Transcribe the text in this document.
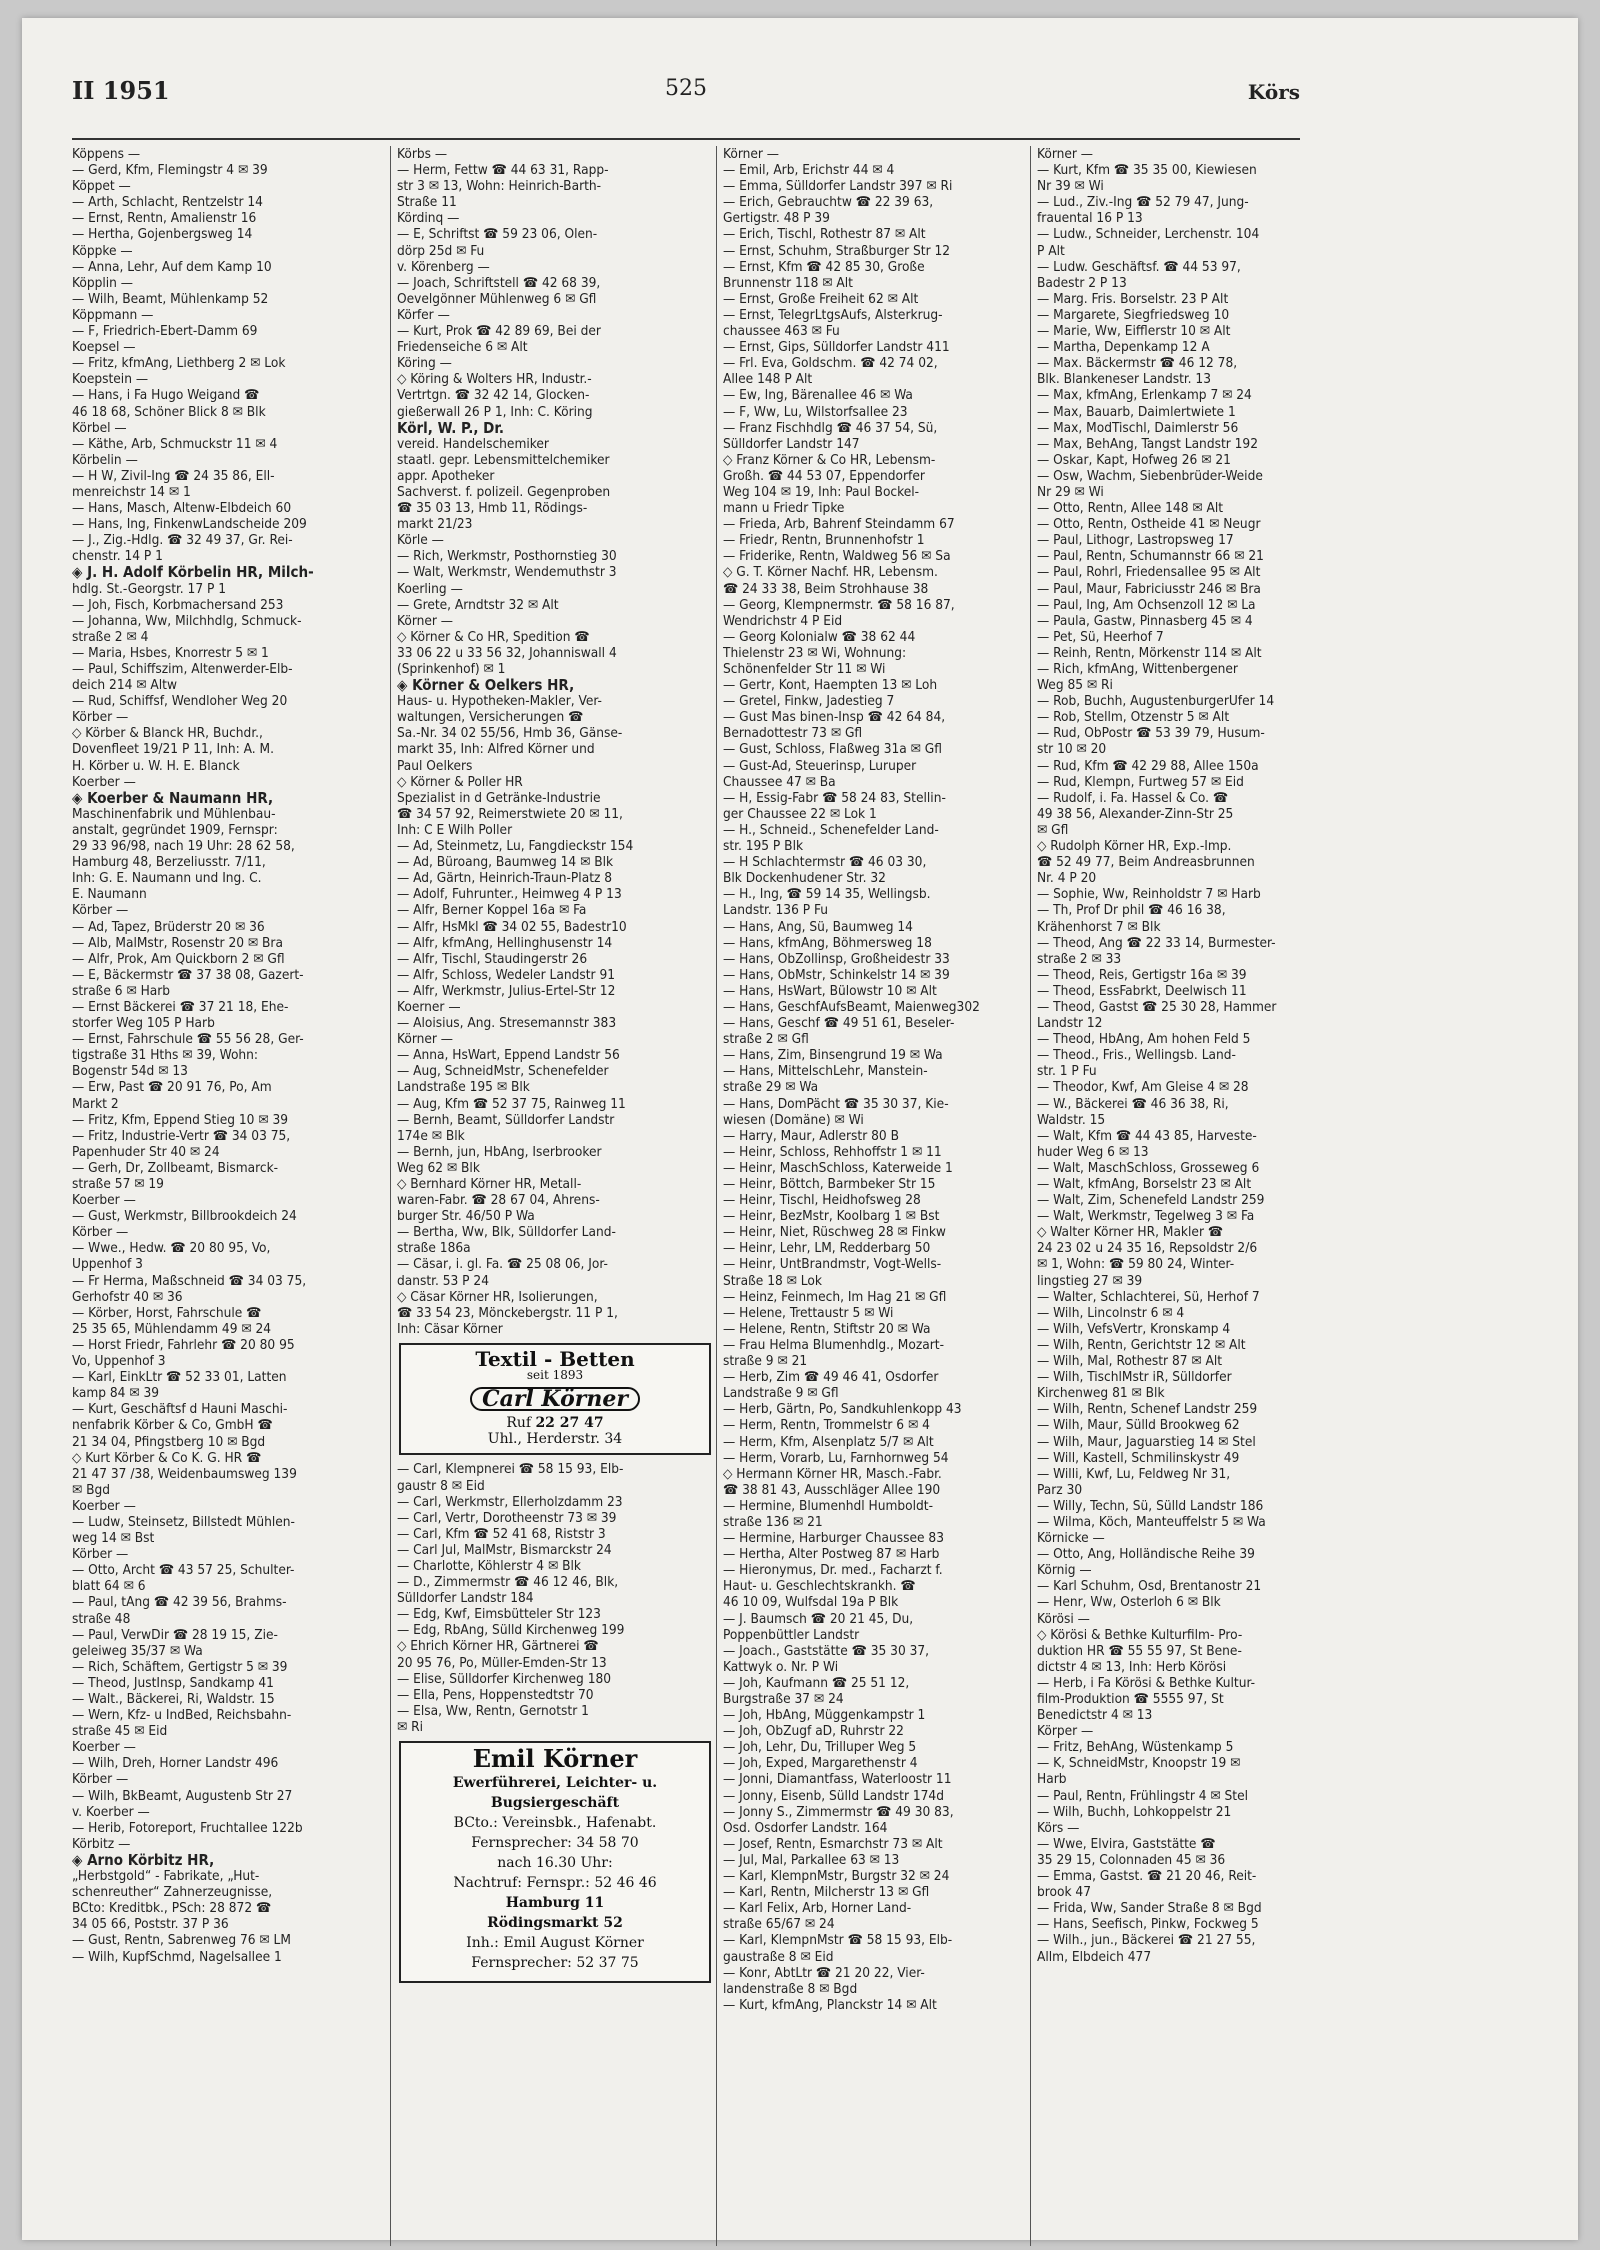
II 1951	525	Körs
Köppens —
— Gerd, Kfm, Flemingstr 4 ✉ 39
Köppet —
— Arth, Schlacht, Rentzelstr 14
— Ernst, Rentn, Amalienstr 16
— Hertha, Gojenbergsweg 14
Köppke —
— Anna, Lehr, Auf dem Kamp 10
Köpplin —
— Wilh, Beamt, Mühlenkamp 52
Köppmann —
— F, Friedrich-Ebert-Damm 69
Koepsel —
— Fritz, kfmAng, Liethberg 2 ✉ Lok
Koepstein —
— Hans, i Fa Hugo Weigand ☎
46 18 68, Schöner Blick 8 ✉ Blk
Körbel —
— Käthe, Arb, Schmuckstr 11 ✉ 4
Körbelin —
— H W, Zivil-Ing ☎ 24 35 86, Ell-
menreichstr 14 ✉ 1
— Hans, Masch, Altenw-Elbdeich 60
— Hans, Ing, FinkenwLandscheide 209
— J., Zig.-Hdlg. ☎ 32 49 37, Gr. Rei-
chenstr. 14 P 1
◈ J. H. Adolf Körbelin HR, Milch-
hdlg. St.-Georgstr. 17 P 1
— Joh, Fisch, Korbmachersand 253
— Johanna, Ww, Milchhdlg, Schmuck-
straße 2 ✉ 4
— Maria, Hsbes, Knorrestr 5 ✉ 1
— Paul, Schiffszim, Altenwerder-Elb-
deich 214 ✉ Altw
— Rud, Schiffsf, Wendloher Weg 20
Körber —
◇ Körber & Blanck HR, Buchdr.,
Dovenfleet 19/21 P 11, Inh: A. M.
H. Körber u. W. H. E. Blanck
Koerber —
◈ Koerber & Naumann HR,
Maschinenfabrik und Mühlenbau-
anstalt, gegründet 1909, Fernspr:
29 33 96/98, nach 19 Uhr: 28 62 58,
Hamburg 48, Berzeliusstr. 7/11,
Inh: G. E. Naumann und Ing. C.
E. Naumann
Körber —
— Ad, Tapez, Brüderstr 20 ✉ 36
— Alb, MalMstr, Rosenstr 20 ✉ Bra
— Alfr, Prok, Am Quickborn 2 ✉ Gfl
— E, Bäckermstr ☎ 37 38 08, Gazert-
straße 6 ✉ Harb
— Ernst Bäckerei ☎ 37 21 18, Ehe-
storfer Weg 105 P Harb
— Ernst, Fahrschule ☎ 55 56 28, Ger-
tigstraße 31 Hths ✉ 39, Wohn:
Bogenstr 54d ✉ 13
— Erw, Past ☎ 20 91 76, Po, Am
Markt 2
— Fritz, Kfm, Eppend Stieg 10 ✉ 39
— Fritz, Industrie-Vertr ☎ 34 03 75,
Papenhuder Str 40 ✉ 24
— Gerh, Dr, Zollbeamt, Bismarck-
straße 57 ✉ 19
Koerber —
— Gust, Werkmstr, Billbrookdeich 24
Körber —
— Wwe., Hedw. ☎ 20 80 95, Vo,
Uppenhof 3
— Fr Herma, Maßschneid ☎ 34 03 75,
Gerhofstr 40 ✉ 36
— Körber, Horst, Fahrschule ☎
25 35 65, Mühlendamm 49 ✉ 24
— Horst Friedr, Fahrlehr ☎ 20 80 95
Vo, Uppenhof 3
— Karl, EinkLtr ☎ 52 33 01, Latten
kamp 84 ✉ 39
— Kurt, Geschäftsf d Hauni Maschi-
nenfabrik Körber & Co, GmbH ☎
21 34 04, Pfingstberg 10 ✉ Bgd
◇ Kurt Körber & Co K. G. HR ☎
21 47 37 /38, Weidenbaumsweg 139
✉ Bgd
Koerber —
— Ludw, Steinsetz, Billstedt Mühlen-
weg 14 ✉ Bst
Körber —
— Otto, Archt ☎ 43 57 25, Schulter-
blatt 64 ✉ 6
— Paul, tAng ☎ 42 39 56, Brahms-
straße 48
— Paul, VerwDir ☎ 28 19 15, Zie-
geleiweg 35/37 ✉ Wa
— Rich, Schäftem, Gertigstr 5 ✉ 39
— Theod, JustInsp, Sandkamp 41
— Walt., Bäckerei, Ri, Waldstr. 15
— Wern, Kfz- u IndBed, Reichsbahn-
straße 45 ✉ Eid
Koerber —
— Wilh, Dreh, Horner Landstr 496
Körber —
— Wilh, BkBeamt, Augustenb Str 27
v. Koerber —
— Herib, Fotoreport, Fruchtallee 122b
Körbitz —
◈ Arno Körbitz HR,
„Herbstgold“ - Fabrikate, „Hut-
schenreuther“ Zahnerzeugnisse,
BCto: Kreditbk., PSch: 28 872 ☎
34 05 66, Poststr. 37 P 36
— Gust, Rentn, Sabrenweg 76 ✉ LM
— Wilh, KupfSchmd, Nagelsallee 1
Körbs —
— Herm, Fettw ☎ 44 63 31, Rapp-
str 3 ✉ 13, Wohn: Heinrich-Barth-
Straße 11
Kördinq —
— E, Schriftst ☎ 59 23 06, Olen-
dörp 25d ✉ Fu
v. Körenberg —
— Joach, Schriftstell ☎ 42 68 39,
Oevelgönner Mühlenweg 6 ✉ Gfl
Körfer —
— Kurt, Prok ☎ 42 89 69, Bei der
Friedenseiche 6 ✉ Alt
Köring —
◇ Köring & Wolters HR, Industr.-
Vertrtgn. ☎ 32 42 14, Glocken-
gießerwall 26 P 1, Inh: C. Köring
Körl, W. P., Dr.
vereid. Handelschemiker
staatl. gepr. Lebensmittelchemiker
appr. Apotheker
Sachverst. f. polizeil. Gegenproben
☎ 35 03 13, Hmb 11, Rödings-
markt 21/23
Körle —
— Rich, Werkmstr, Posthornstieg 30
— Walt, Werkmstr, Wendemuthstr 3
Koerling —
— Grete, Arndtstr 32 ✉ Alt
Körner —
◇ Körner & Co HR, Spedition ☎
33 06 22 u 33 56 32, Johanniswall 4
(Sprinkenhof) ✉ 1
◈ Körner & Oelkers HR,
Haus- u. Hypotheken-Makler, Ver-
waltungen, Versicherungen ☎
Sa.-Nr. 34 02 55/56, Hmb 36, Gänse-
markt 35, Inh: Alfred Körner und
Paul Oelkers
◇ Körner & Poller HR
Spezialist in d Getränke-Industrie
☎ 34 57 92, Reimerstwiete 20 ✉ 11,
Inh: C E Wilh Poller
— Ad, Steinmetz, Lu, Fangdieckstr 154
— Ad, Büroang, Baumweg 14 ✉ Blk
— Ad, Gärtn, Heinrich-Traun-Platz 8
— Adolf, Fuhrunter., Heimweg 4 P 13
— Alfr, Berner Koppel 16a ✉ Fa
— Alfr, HsMkl ☎ 34 02 55, Badestr10
— Alfr, kfmAng, Hellinghusenstr 14
— Alfr, Tischl, Staudingerstr 26
— Alfr, Schloss, Wedeler Landstr 91
— Alfr, Werkmstr, Julius-Ertel-Str 12
Koerner —
— Aloisius, Ang. Stresemannstr 383
Körner —
— Anna, HsWart, Eppend Landstr 56
— Aug, SchneidMstr, Schenefelder
Landstraße 195 ✉ Blk
— Aug, Kfm ☎ 52 37 75, Rainweg 11
— Bernh, Beamt, Sülldorfer Landstr
174e ✉ Blk
— Bernh, jun, HbAng, Iserbrooker
Weg 62 ✉ Blk
◇ Bernhard Körner HR, Metall-
waren-Fabr. ☎ 28 67 04, Ahrens-
burger Str. 46/50 P Wa
— Bertha, Ww, Blk, Sülldorfer Land-
straße 186a
— Cäsar, i. gl. Fa. ☎ 25 08 06, Jor-
danstr. 53 P 24
◇ Cäsar Körner HR, Isolierungen,
☎ 33 54 23, Mönckebergstr. 11 P 1,
Inh: Cäsar Körner
Textil - Betten
seit 1893
Carl Körner
Ruf 22 27 47
Uhl., Herderstr. 34
— Carl, Klempnerei ☎ 58 15 93, Elb-
gaustr 8 ✉ Eid
— Carl, Werkmstr, Ellerholzdamm 23
— Carl, Vertr, Dorotheenstr 73 ✉ 39
— Carl, Kfm ☎ 52 41 68, Riststr 3
— Carl Jul, MalMstr, Bismarckstr 24
— Charlotte, Köhlerstr 4 ✉ Blk
— D., Zimmermstr ☎ 46 12 46, Blk,
Sülldorfer Landstr 184
— Edg, Kwf, Eimsbütteler Str 123
— Edg, RbAng, Sülld Kirchenweg 199
◇ Ehrich Körner HR, Gärtnerei ☎
20 95 76, Po, Müller-Emden-Str 13
— Elise, Sülldorfer Kirchenweg 180
— Ella, Pens, Hoppenstedtstr 70
— Elsa, Ww, Rentn, Gernotstr 1
✉ Ri
Emil Körner
Ewerführerei, Leichter- u.
Bugsiergeschäft
BCto.: Vereinsbk., Hafenabt.
Fernsprecher: 34 58 70
nach 16.30 Uhr:
Nachtruf: Fernspr.: 52 46 46
Hamburg 11
Rödingsmarkt 52
Inh.: Emil August Körner
Fernsprecher: 52 37 75
Körner —
— Emil, Arb, Erichstr 44 ✉ 4
— Emma, Sülldorfer Landstr 397 ✉ Ri
— Erich, Gebrauchtw ☎ 22 39 63,
Gertigstr. 48 P 39
— Erich, Tischl, Rothestr 87 ✉ Alt
— Ernst, Schuhm, Straßburger Str 12
— Ernst, Kfm ☎ 42 85 30, Große
Brunnenstr 118 ✉ Alt
— Ernst, Große Freiheit 62 ✉ Alt
— Ernst, TelegrLtgsAufs, Alsterkrug-
chaussee 463 ✉ Fu
— Ernst, Gips, Sülldorfer Landstr 411
— Frl. Eva, Goldschm. ☎ 42 74 02,
Allee 148 P Alt
— Ew, Ing, Bärenallee 46 ✉ Wa
— F, Ww, Lu, Wilstorfsallee 23
— Franz Fischhdlg ☎ 46 37 54, Sü,
Sülldorfer Landstr 147
◇ Franz Körner & Co HR, Lebensm-
Großh. ☎ 44 53 07, Eppendorfer
Weg 104 ✉ 19, Inh: Paul Bockel-
mann u Friedr Tipke
— Frieda, Arb, Bahrenf Steindamm 67
— Friedr, Rentn, Brunnenhofstr 1
— Friderike, Rentn, Waldweg 56 ✉ Sa
◇ G. T. Körner Nachf. HR, Lebensm.
☎ 24 33 38, Beim Strohhause 38
— Georg, Klempnermstr. ☎ 58 16 87,
Wendrichstr 4 P Eid
— Georg Kolonialw ☎ 38 62 44
Thielenstr 23 ✉ Wi, Wohnung:
Schönenfelder Str 11 ✉ Wi
— Gertr, Kont, Haempten 13 ✉ Loh
— Gretel, Finkw, Jadestieg 7
— Gust Mas binen-Insp ☎ 42 64 84,
Bernadottestr 73 ✉ Gfl
— Gust, Schloss, Flaßweg 31a ✉ Gfl
— Gust-Ad, Steuerinsp, Luruper
Chaussee 47 ✉ Ba
— H, Essig-Fabr ☎ 58 24 83, Stellin-
ger Chaussee 22 ✉ Lok 1
— H., Schneid., Schenefelder Land-
str. 195 P Blk
— H Schlachtermstr ☎ 46 03 30,
Blk Dockenhudener Str. 32
— H., Ing, ☎ 59 14 35, Wellingsb.
Landstr. 136 P Fu
— Hans, Ang, Sü, Baumweg 14
— Hans, kfmAng, Böhmersweg 18
— Hans, ObZollinsp, Großheidestr 33
— Hans, ObMstr, Schinkelstr 14 ✉ 39
— Hans, HsWart, Bülowstr 10 ✉ Alt
— Hans, GeschfAufsBeamt, Maienweg302
— Hans, Geschf ☎ 49 51 61, Beseler-
straße 2 ✉ Gfl
— Hans, Zim, Binsengrund 19 ✉ Wa
— Hans, MittelschLehr, Manstein-
straße 29 ✉ Wa
— Hans, DomPächt ☎ 35 30 37, Kie-
wiesen (Domäne) ✉ Wi
— Harry, Maur, Adlerstr 80 B
— Heinr, Schloss, Rehhoffstr 1 ✉ 11
— Heinr, MaschSchloss, Katerweide 1
— Heinr, Böttch, Barmbeker Str 15
— Heinr, Tischl, Heidhofsweg 28
— Heinr, BezMstr, Koolbarg 1 ✉ Bst
— Heinr, Niet, Rüschweg 28 ✉ Finkw
— Heinr, Lehr, LM, Redderbarg 50
— Heinr, UntBrandmstr, Vogt-Wells-
Straße 18 ✉ Lok
— Heinz, Feinmech, Im Hag 21 ✉ Gfl
— Helene, Trettaustr 5 ✉ Wi
— Helene, Rentn, Stiftstr 20 ✉ Wa
— Frau Helma Blumenhdlg., Mozart-
straße 9 ✉ 21
— Herb, Zim ☎ 49 46 41, Osdorfer
Landstraße 9 ✉ Gfl
— Herb, Gärtn, Po, Sandkuhlenkopp 43
— Herm, Rentn, Trommelstr 6 ✉ 4
— Herm, Kfm, Alsenplatz 5/7 ✉ Alt
— Herm, Vorarb, Lu, Farnhornweg 54
◇ Hermann Körner HR, Masch.-Fabr.
☎ 38 81 43, Ausschläger Allee 190
— Hermine, Blumenhdl Humboldt-
straße 136 ✉ 21
— Hermine, Harburger Chaussee 83
— Hertha, Alter Postweg 87 ✉ Harb
— Hieronymus, Dr. med., Facharzt f.
Haut- u. Geschlechtskrankh. ☎
46 10 09, Wulfsdal 19a P Blk
— J. Baumsch ☎ 20 21 45, Du,
Poppenbüttler Landstr
— Joach., Gaststätte ☎ 35 30 37,
Kattwyk o. Nr. P Wi
— Joh, Kaufmann ☎ 25 51 12,
Burgstraße 37 ✉ 24
— Joh, HbAng, Müggenkampstr 1
— Joh, ObZugf aD, Ruhrstr 22
— Joh, Lehr, Du, Trilluper Weg 5
— Joh, Exped, Margarethenstr 4
— Jonni, Diamantfass, Waterloostr 11
— Jonny, Eisenb, Sülld Landstr 174d
— Jonny S., Zimmermstr ☎ 49 30 83,
Osd. Osdorfer Landstr. 164
— Josef, Rentn, Esmarchstr 73 ✉ Alt
— Jul, Mal, Parkallee 63 ✉ 13
— Karl, KlempnMstr, Burgstr 32 ✉ 24
— Karl, Rentn, Milcherstr 13 ✉ Gfl
— Karl Felix, Arb, Horner Land-
straße 65/67 ✉ 24
— Karl, KlempnMstr ☎ 58 15 93, Elb-
gaustraße 8 ✉ Eid
— Konr, AbtLtr ☎ 21 20 22, Vier-
landenstraße 8 ✉ Bgd
— Kurt, kfmAng, Planckstr 14 ✉ Alt
Körner —
— Kurt, Kfm ☎ 35 35 00, Kiewiesen
Nr 39 ✉ Wi
— Lud., Ziv.-Ing ☎ 52 79 47, Jung-
frauental 16 P 13
— Ludw., Schneider, Lerchenstr. 104
P Alt
— Ludw. Geschäftsf. ☎ 44 53 97,
Badestr 2 P 13
— Marg. Fris. Borselstr. 23 P Alt
— Margarete, Siegfriedsweg 10
— Marie, Ww, Eifflerstr 10 ✉ Alt
— Martha, Depenkamp 12 A
— Max. Bäckermstr ☎ 46 12 78,
Blk. Blankeneser Landstr. 13
— Max, kfmAng, Erlenkamp 7 ✉ 24
— Max, Bauarb, Daimlertwiete 1
— Max, ModTischl, Daimlerstr 56
— Max, BehAng, Tangst Landstr 192
— Oskar, Kapt, Hofweg 26 ✉ 21
— Osw, Wachm, Siebenbrüder-Weide
Nr 29 ✉ Wi
— Otto, Rentn, Allee 148 ✉ Alt
— Otto, Rentn, Ostheide 41 ✉ Neugr
— Paul, Lithogr, Lastropsweg 17
— Paul, Rentn, Schumannstr 66 ✉ 21
— Paul, Rohrl, Friedensallee 95 ✉ Alt
— Paul, Maur, Fabriciusstr 246 ✉ Bra
— Paul, Ing, Am Ochsenzoll 12 ✉ La
— Paula, Gastw, Pinnasberg 45 ✉ 4
— Pet, Sü, Heerhof 7
— Reinh, Rentn, Mörkenstr 114 ✉ Alt
— Rich, kfmAng, Wittenbergener
Weg 85 ✉ Ri
— Rob, Buchh, AugustenburgerUfer 14
— Rob, Stellm, Otzenstr 5 ✉ Alt
— Rud, ObPostr ☎ 53 39 79, Husum-
str 10 ✉ 20
— Rud, Kfm ☎ 42 29 88, Allee 150a
— Rud, Klempn, Furtweg 57 ✉ Eid
— Rudolf, i. Fa. Hassel & Co. ☎
49 38 56, Alexander-Zinn-Str 25
✉ Gfl
◇ Rudolph Körner HR, Exp.-Imp.
☎ 52 49 77, Beim Andreasbrunnen
Nr. 4 P 20
— Sophie, Ww, Reinholdstr 7 ✉ Harb
— Th, Prof Dr phil ☎ 46 16 38,
Krähenhorst 7 ✉ Blk
— Theod, Ang ☎ 22 33 14, Burmester-
straße 2 ✉ 33
— Theod, Reis, Gertigstr 16a ✉ 39
— Theod, EssFabrkt, Deelwisch 11
— Theod, Gastst ☎ 25 30 28, Hammer
Landstr 12
— Theod, HbAng, Am hohen Feld 5
— Theod., Fris., Wellingsb. Land-
str. 1 P Fu
— Theodor, Kwf, Am Gleise 4 ✉ 28
— W., Bäckerei ☎ 46 36 38, Ri,
Waldstr. 15
— Walt, Kfm ☎ 44 43 85, Harveste-
huder Weg 6 ✉ 13
— Walt, MaschSchloss, Grosseweg 6
— Walt, kfmAng, Borselstr 23 ✉ Alt
— Walt, Zim, Schenefeld Landstr 259
— Walt, Werkmstr, Tegelweg 3 ✉ Fa
◇ Walter Körner HR, Makler ☎
24 23 02 u 24 35 16, Repsoldstr 2/6
✉ 1, Wohn: ☎ 59 80 24, Winter-
lingstieg 27 ✉ 39
— Walter, Schlachterei, Sü, Herhof 7
— Wilh, Lincolnstr 6 ✉ 4
— Wilh, VefsVertr, Kronskamp 4
— Wilh, Rentn, Gerichtstr 12 ✉ Alt
— Wilh, Mal, Rothestr 87 ✉ Alt
— Wilh, TischlMstr iR, Sülldorfer
Kirchenweg 81 ✉ Blk
— Wilh, Rentn, Schenef Landstr 259
— Wilh, Maur, Sülld Brookweg 62
— Wilh, Maur, Jaguarstieg 14 ✉ Stel
— Will, Kastell, Schmilinskystr 49
— Willi, Kwf, Lu, Feldweg Nr 31,
Parz 30
— Willy, Techn, Sü, Sülld Landstr 186
— Wilma, Köch, Manteuffelstr 5 ✉ Wa
Körnicke —
— Otto, Ang, Holländische Reihe 39
Körnig —
— Karl Schuhm, Osd, Brentanostr 21
— Henr, Ww, Osterloh 6 ✉ Blk
Körösi —
◇ Körösi & Bethke Kulturfilm- Pro-
duktion HR ☎ 55 55 97, St Bene-
dictstr 4 ✉ 13, Inh: Herb Körösi
— Herb, i Fa Körösi & Bethke Kultur-
film-Produktion ☎ 5555 97, St
Benedictstr 4 ✉ 13
Körper —
— Fritz, BehAng, Wüstenkamp 5
— K, SchneidMstr, Knoopstr 19 ✉
Harb
— Paul, Rentn, Frühlingstr 4 ✉ Stel
— Wilh, Buchh, Lohkoppelstr 21
Körs —
— Wwe, Elvira, Gaststätte ☎
35 29 15, Colonnaden 45 ✉ 36
— Emma, Gastst. ☎ 21 20 46, Reit-
brook 47
— Frida, Ww, Sander Straße 8 ✉ Bgd
— Hans, Seefisch, Pinkw, Fockweg 5
— Wilh., jun., Bäckerei ☎ 21 27 55,
Allm, Elbdeich 477
